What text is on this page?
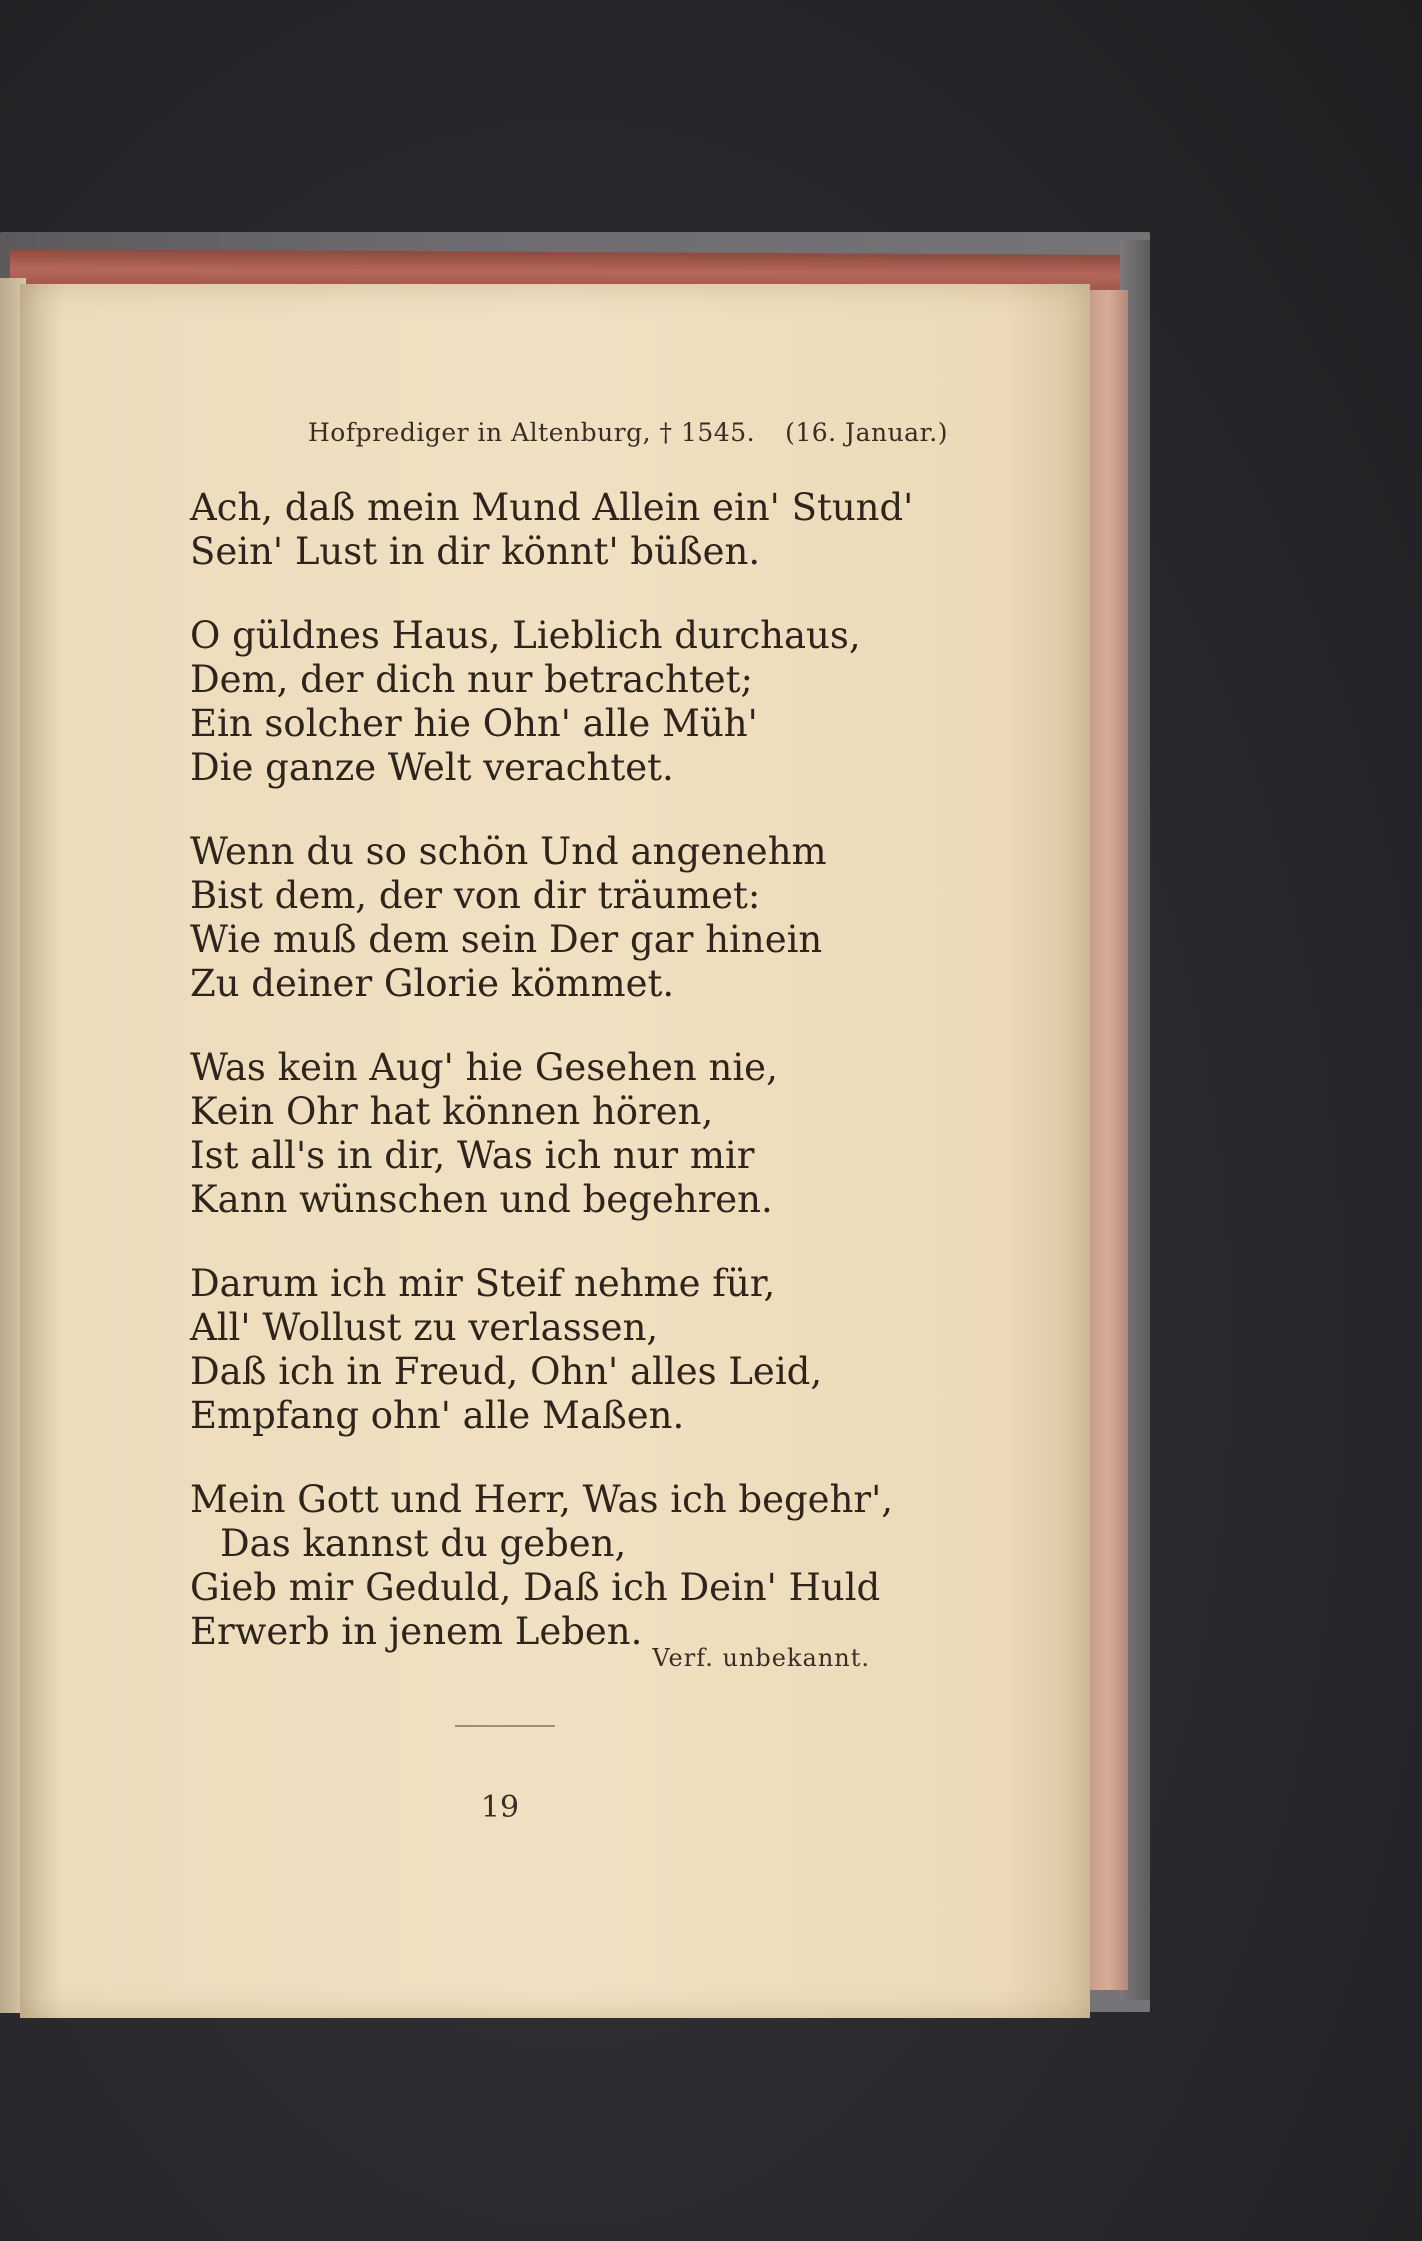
Hofprediger in Altenburg, † 1545. (16. Januar.)
Ach, daß mein Mund Allein ein' Stund'
Sein' Lust in dir könnt' büßen.
O güldnes Haus, Lieblich durchaus,
Dem, der dich nur betrachtet;
Ein solcher hie Ohn' alle Müh'
Die ganze Welt verachtet.
Wenn du so schön Und angenehm
Bist dem, der von dir träumet:
Wie muß dem sein Der gar hinein
Zu deiner Glorie kömmet.
Was kein Aug' hie Gesehen nie,
Kein Ohr hat können hören,
Ist all's in dir, Was ich nur mir
Kann wünschen und begehren.
Darum ich mir Steif nehme für,
All' Wollust zu verlassen,
Daß ich in Freud, Ohn' alles Leid,
Empfang ohn' alle Maßen.
Mein Gott und Herr, Was ich begehr',
Das kannst du geben,
Gieb mir Geduld, Daß ich Dein' Huld
Erwerb in jenem Leben.
Verf. unbekannt.
19
